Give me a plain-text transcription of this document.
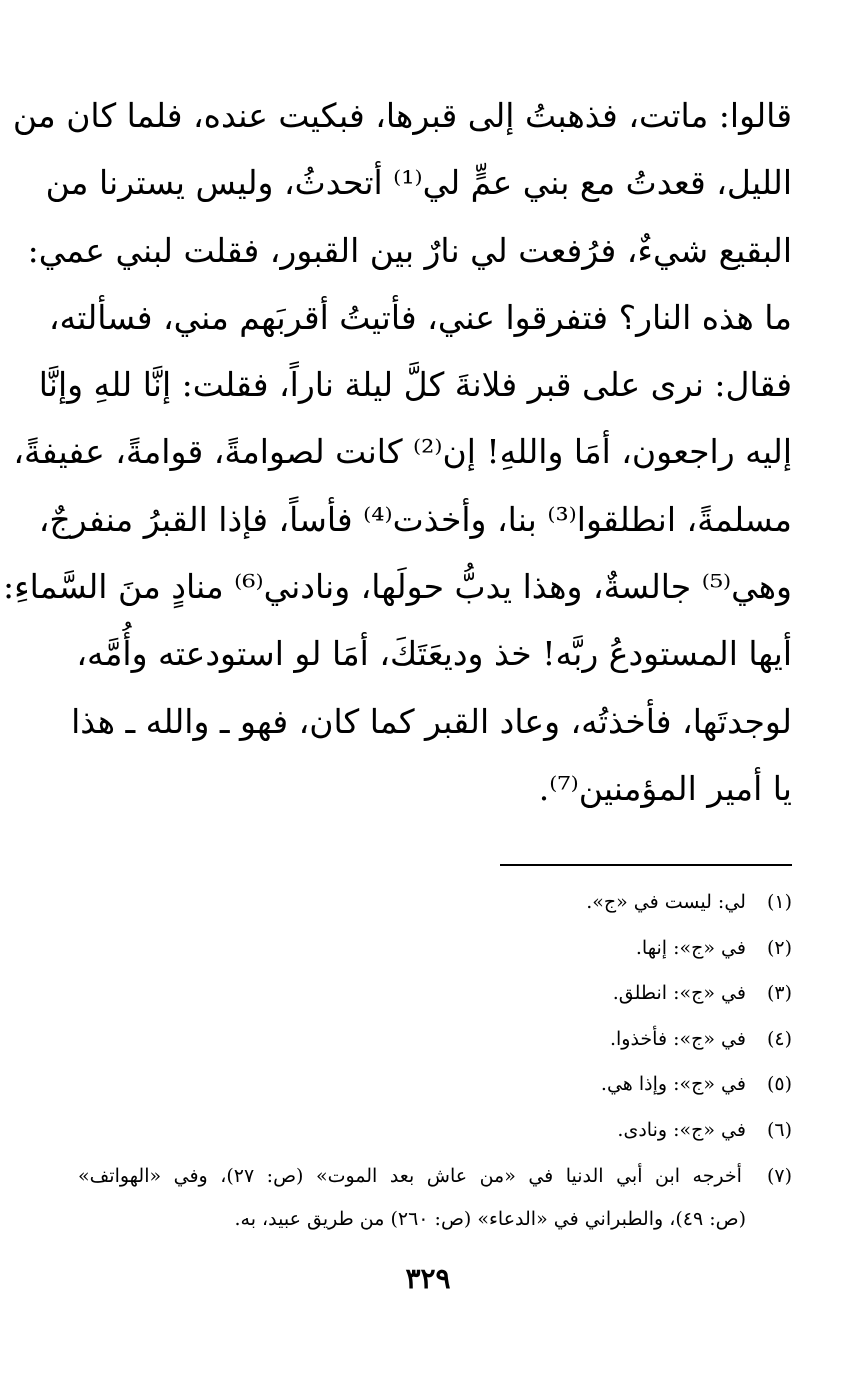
قالوا: ماتت، فذهبتُ إلى قبرها، فبكيت عنده، فلما كان من
الليل، قعدتُ مع بني عمٍّ لي⁽¹⁾ أتحدثُ، وليس يسترنا من
البقيع شيءٌ، فرُفعت لي نارٌ بين القبور، فقلت لبني عمي:
ما هذه النار؟ فتفرقوا عني، فأتيتُ أقربَهم مني، فسألته،
فقال: نرى على قبر فلانةَ كلَّ ليلة ناراً، فقلت: إنَّا للهِ وإنَّا
إليه راجعون، أمَا واللهِ! إن⁽²⁾ كانت لصوامةً، قوامةً، عفيفةً،
مسلمةً، انطلقوا⁽³⁾ بنا، وأخذت⁽⁴⁾ فأساً، فإذا القبرُ منفرجٌ،
وهي⁽⁵⁾ جالسةٌ، وهذا يدبُّ حولَها، ونادني⁽⁶⁾ منادٍ منَ السَّماءِ:
أيها المستودعُ ربَّه! خذ وديعَتَكَ، أمَا لو استودعته وأُمَّه،
لوجدتَها، فأخذتُه، وعاد القبر كما كان، فهو ـ والله ـ هذا
يا أمير المؤمنين⁽⁷⁾.
(١) لي: ليست في «ج».
(٢) في «ج»: إنها.
(٣) في «ج»: انطلق.
(٤) في «ج»: فأخذوا.
(٥) في «ج»: وإذا هي.
(٦) في «ج»: ونادى.
(٧)  أخرجه ابن أبي الدنيا في «من عاش بعد الموت» (ص: ٢٧)، وفي «الهواتف»
(ص: ٤٩)، والطبراني في «الدعاء» (ص: ٢٦٠) من طريق عبيد، به.
٣٢٩
